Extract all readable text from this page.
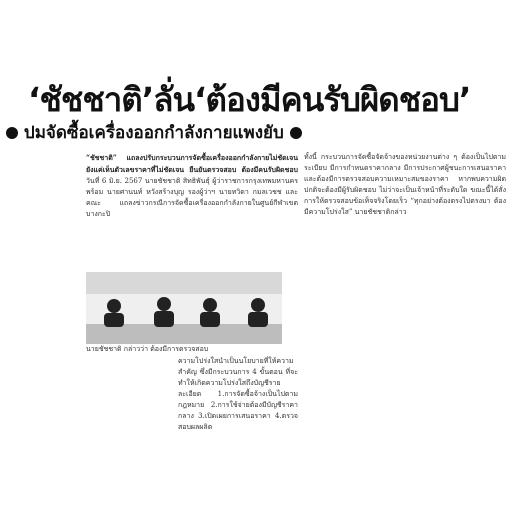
‘ชัชชาติ’ลั่น‘ต้องมีคนรับผิดชอบ’
ปมจัดซื้อเครื่องออกกำลังกายแพงยับ
“ชัชชาติ” แถลงปรับกระบวนการจัดซื้อเครื่องออกกำลังกายไม่ชัดเจน ยังแค่เห็นตัวเลขราคาที่ไม่ชัดเจน ยืนยันตรวจสอบ ต้องมีคนรับผิดชอบ วันที่ 6 มิ.ย. 2567 นายชัชชาติ สิทธิพันธุ์ ผู้ว่าราชการกรุงเทพมหานคร พร้อม นายศานนท์ หวังสร้างบุญ รองผู้ว่าฯ นายทวิดา กมลเวชช และคณะ แถลงข่าวกรณีการจัดซื้อเครื่องออกกำลังกายในศูนย์กีฬาเขตบางกะปิ
นายชัชชาติ กล่าวว่า ต้องมีการตรวจสอบ
ความโปร่งใสนำเป็นนโยบายที่ให้ความสำคัญ ซึ่งมีกระบวนการ 4 ขั้นตอน ที่จะทำให้เกิดความโปร่งใสถึงบัญชีรายละเอียด 1.การจัดซื้อจ้างเป็นไปตามกฎหมาย 2.การใช้จ่ายต้องมีบัญชีราคากลาง 3.เปิดเผยการเสนอราคา 4.ตรวจสอบผลผลิต
ทั้งนี้ กระบวนการจัดซื้อจัดจ้างของหน่วยงานต่าง ๆ ต้องเป็นไปตามระเบียบ มีการกำหนดราคากลาง มีการประกาศผู้ชนะการเสนอราคา และต้องมีการตรวจสอบความเหมาะสมของราคา หากพบความผิดปกติจะต้องมีผู้รับผิดชอบ ไม่ว่าจะเป็นเจ้าหน้าที่ระดับใด ขณะนี้ได้สั่งการให้ตรวจสอบข้อเท็จจริงโดยเร็ว “ทุกอย่างต้องตรงไปตรงมา ต้องมีความโปร่งใส” นายชัชชาติกล่าว
